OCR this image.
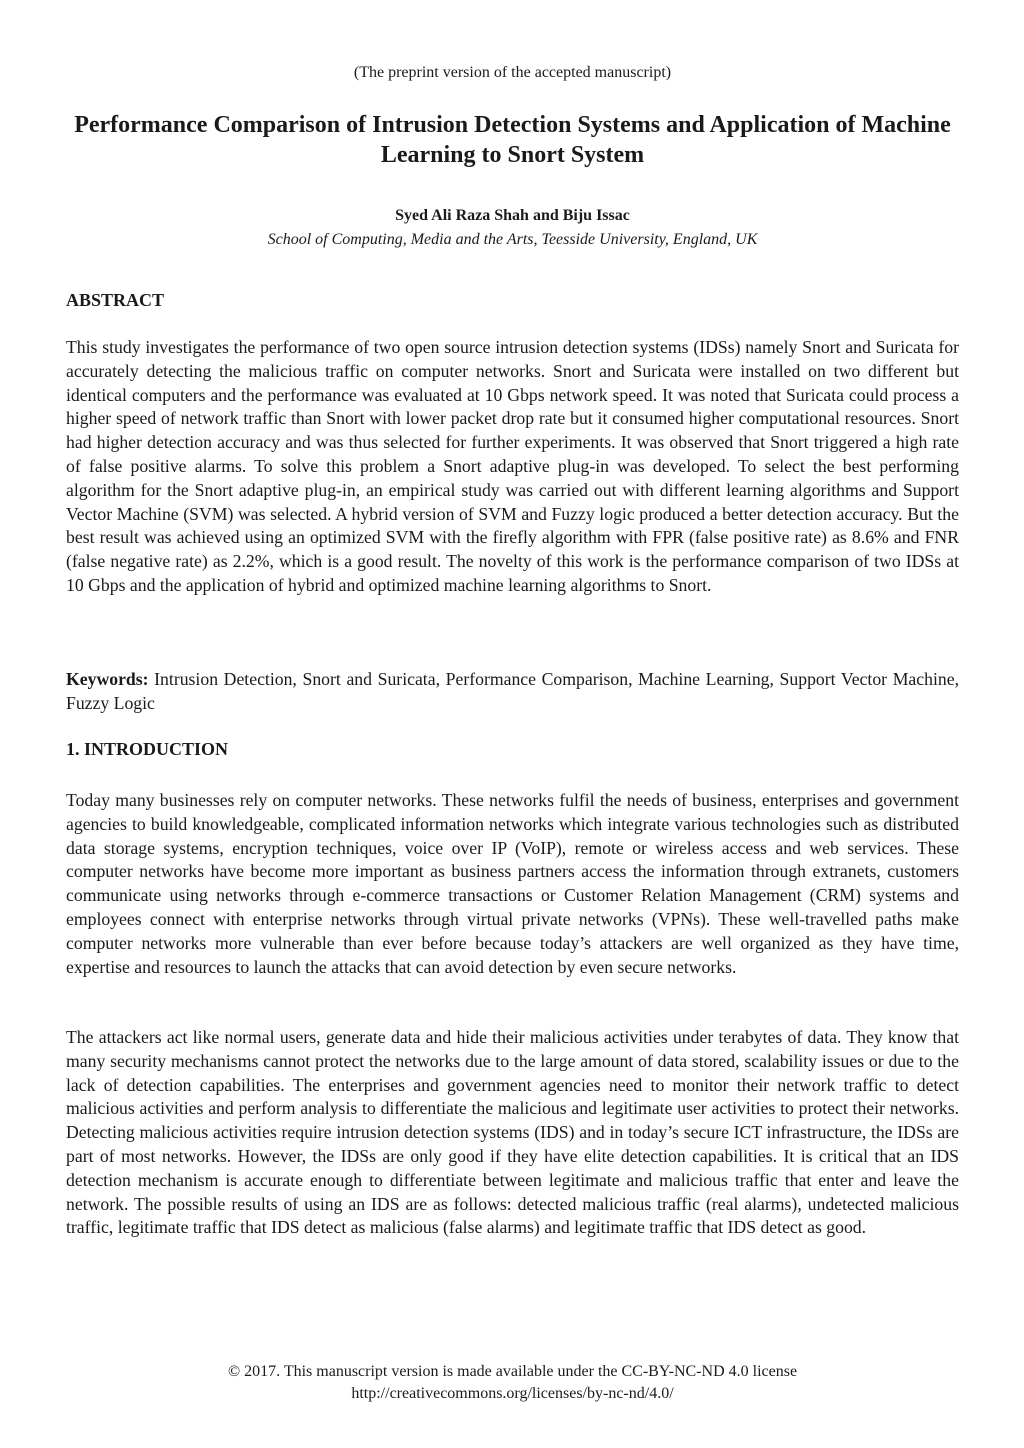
(The preprint version of the accepted manuscript)
Performance Comparison of Intrusion Detection Systems and Application of Machine Learning to Snort System
Syed Ali Raza Shah and Biju Issac
School of Computing, Media and the Arts, Teesside University, England, UK
ABSTRACT

This study investigates the performance of two open source intrusion detection systems (IDSs) namely Snort and Suricata for accurately detecting the malicious traffic on computer networks. Snort and Suricata were installed on two different but identical computers and the performance was evaluated at 10 Gbps network speed. It was noted that Suricata could process a higher speed of network traffic than Snort with lower packet drop rate but it consumed higher computational resources. Snort had higher detection accuracy and was thus selected for further experiments. It was observed that Snort triggered a high rate of false positive alarms. To solve this problem a Snort adaptive plug-in was developed. To select the best performing algorithm for the Snort adaptive plug-in, an empirical study was carried out with different learning algorithms and Support Vector Machine (SVM) was selected. A hybrid version of SVM and Fuzzy logic produced a better detection accuracy. But the best result was achieved using an optimized SVM with the firefly algorithm with FPR (false positive rate) as 8.6% and FNR (false negative rate) as 2.2%, which is a good result. The novelty of this work is the performance comparison of two IDSs at 10 Gbps and the application of hybrid and optimized machine learning algorithms to Snort.

Keywords: Intrusion Detection, Snort and Suricata, Performance Comparison, Machine Learning, Support Vector Machine, Fuzzy Logic

1. INTRODUCTION

Today many businesses rely on computer networks. These networks fulfil the needs of business, enterprises and government agencies to build knowledgeable, complicated information networks which integrate various technologies such as distributed data storage systems, encryption techniques, voice over IP (VoIP), remote or wireless access and web services. These computer networks have become more important as business partners access the information through extranets, customers communicate using networks through e-commerce transactions or Customer Relation Management (CRM) systems and employees connect with enterprise networks through virtual private networks (VPNs). These well-travelled paths make computer networks more vulnerable than ever before because today’s attackers are well organized as they have time, expertise and resources to launch the attacks that can avoid detection by even secure networks.

The attackers act like normal users, generate data and hide their malicious activities under terabytes of data. They know that many security mechanisms cannot protect the networks due to the large amount of data stored, scalability issues or due to the lack of detection capabilities. The enterprises and government agencies need to monitor their network traffic to detect malicious activities and perform analysis to differentiate the malicious and legitimate user activities to protect their networks. Detecting malicious activities require intrusion detection systems (IDS) and in today’s secure ICT infrastructure, the IDSs are part of most networks. However, the IDSs are only good if they have elite detection capabilities. It is critical that an IDS detection mechanism is accurate enough to differentiate between legitimate and malicious traffic that enter and leave the network. The possible results of using an IDS are as follows: detected malicious traffic (real alarms), undetected malicious traffic, legitimate traffic that IDS detect as malicious (false alarms) and legitimate traffic that IDS detect as good.

© 2017. This manuscript version is made available under the CC-BY-NC-ND 4.0 license
http://creativecommons.org/licenses/by-nc-nd/4.0/
